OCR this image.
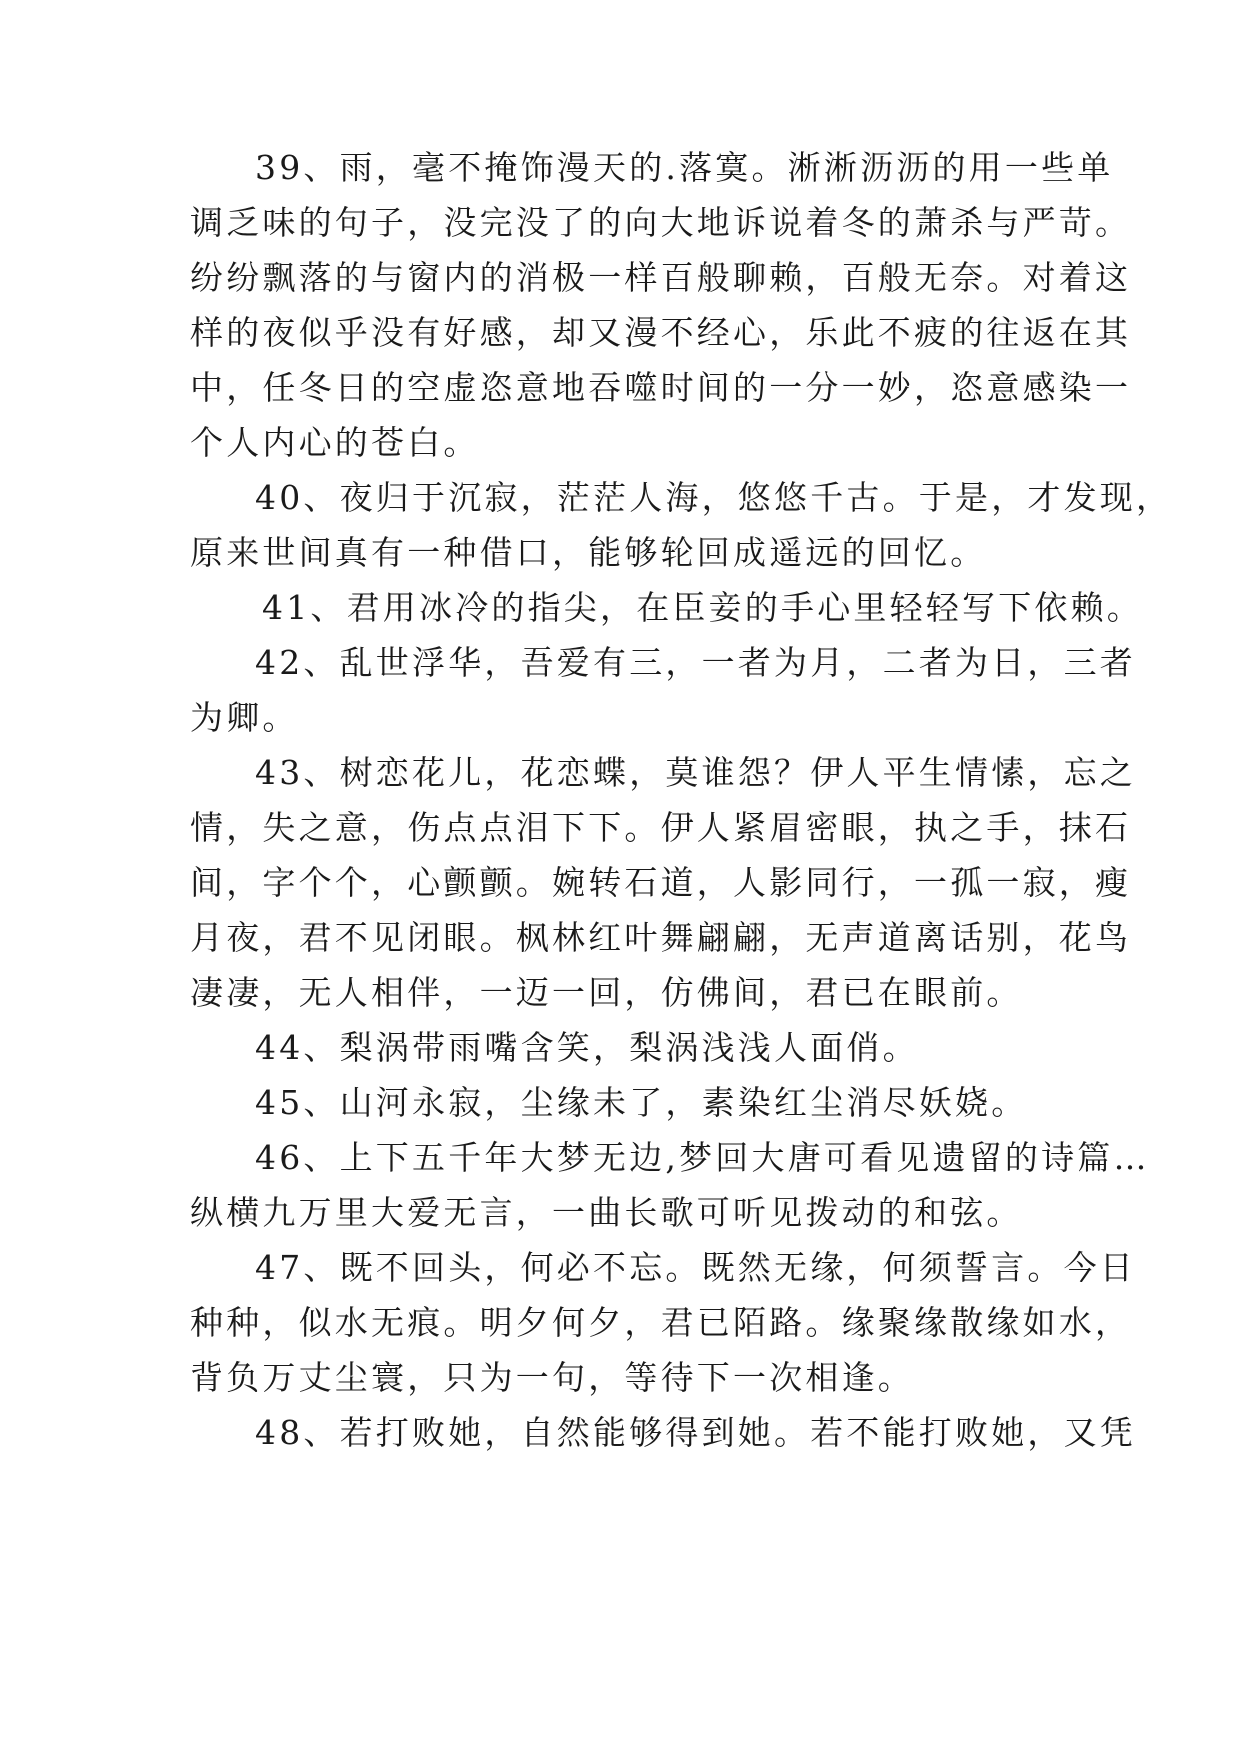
39、雨，毫不掩饰漫天的.落寞。淅淅沥沥的用一些单
调乏味的句子，没完没了的向大地诉说着冬的萧杀与严苛。
纷纷飘落的与窗内的消极一样百般聊赖，百般无奈。对着这
样的夜似乎没有好感，却又漫不经心，乐此不疲的往返在其
中，任冬日的空虚恣意地吞噬时间的一分一妙，恣意感染一
个人内心的苍白。
40、夜归于沉寂，茫茫人海，悠悠千古。于是，才发现，
原来世间真有一种借口，能够轮回成遥远的回忆。
41、君用冰冷的指尖，在臣妾的手心里轻轻写下依赖。
42、乱世浮华，吾爱有三，一者为月，二者为日，三者
为卿。
43、树恋花儿，花恋蝶，莫谁怨？伊人平生情愫，忘之
情，失之意，伤点点泪下下。伊人紧眉密眼，执之手，抹石
间，字个个，心颤颤。婉转石道，人影同行，一孤一寂，瘦
月夜，君不见闭眼。枫林红叶舞翩翩，无声道离话别，花鸟
凄凄，无人相伴，一迈一回，仿佛间，君已在眼前。
44、梨涡带雨嘴含笑，梨涡浅浅人面俏。
45、山河永寂，尘缘未了，素染红尘消尽妖娆。
46、上下五千年大梦无边,梦回大唐可看见遗留的诗篇…
纵横九万里大爱无言，一曲长歌可听见拨动的和弦。
47、既不回头，何必不忘。既然无缘，何须誓言。今日
种种，似水无痕。明夕何夕，君已陌路。缘聚缘散缘如水，
背负万丈尘寰，只为一句，等待下一次相逢。
48、若打败她，自然能够得到她。若不能打败她，又凭
